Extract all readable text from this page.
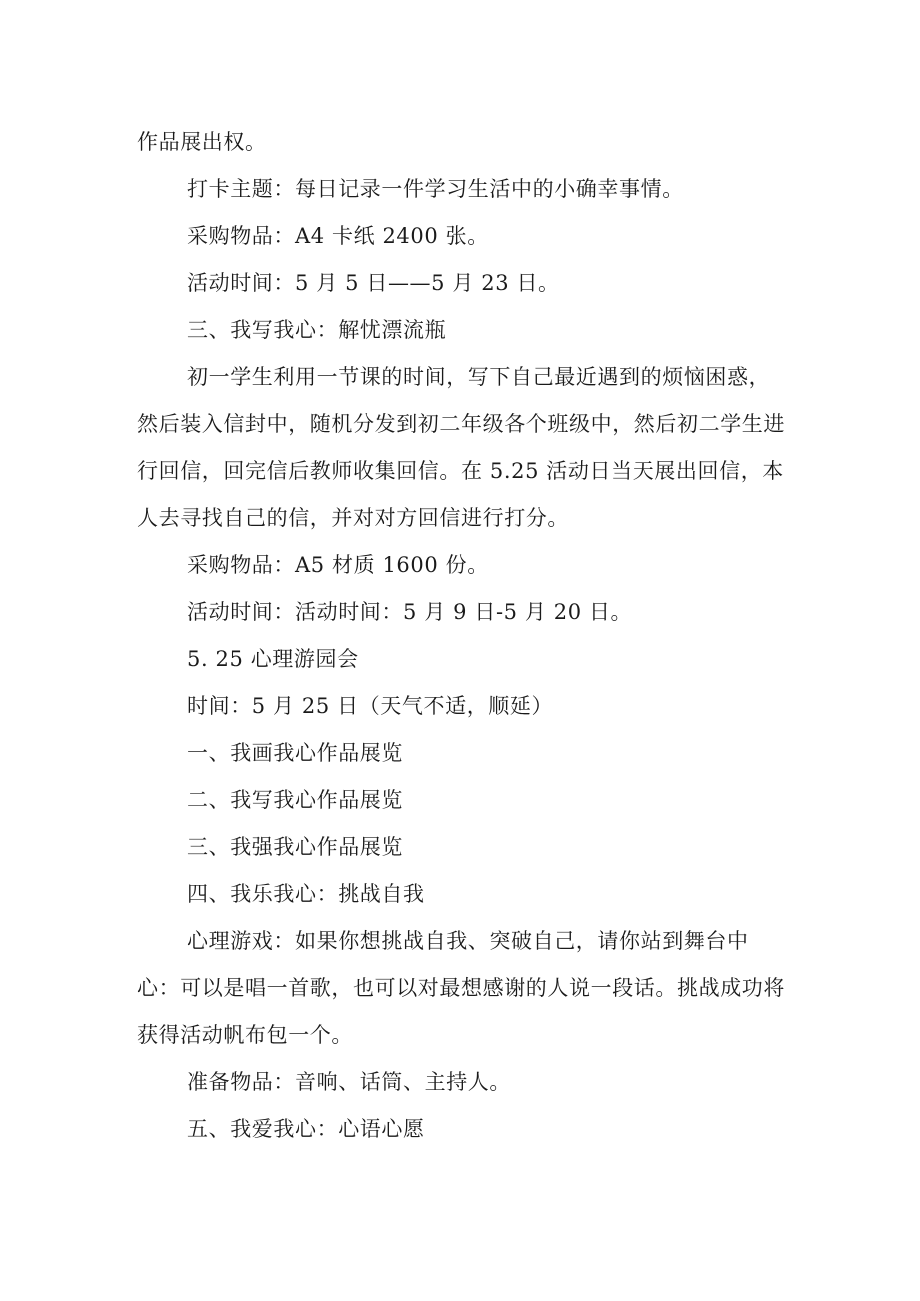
作品展出权。

打卡主题：每日记录一件学习生活中的小确幸事情。

采购物品：A4 卡纸 2400 张。

活动时间：5 月 5 日——5 月 23 日。

三、我写我心：解忧漂流瓶

初一学生利用一节课的时间，写下自己最近遇到的烦恼困惑，然后装入信封中，随机分发到初二年级各个班级中，然后初二学生进行回信，回完信后教师收集回信。在 5.25 活动日当天展出回信，本人去寻找自己的信，并对对方回信进行打分。

采购物品：A5 材质 1600 份。

活动时间：活动时间：5 月 9 日-5 月 20 日。

5. 25 心理游园会

时间：5 月 25 日（天气不适，顺延）

一、我画我心作品展览

二、我写我心作品展览

三、我强我心作品展览

四、我乐我心：挑战自我

心理游戏：如果你想挑战自我、突破自己，请你站到舞台中心：可以是唱一首歌，也可以对最想感谢的人说一段话。挑战成功将获得活动帆布包一个。

准备物品：音响、话筒、主持人。

五、我爱我心：心语心愿
